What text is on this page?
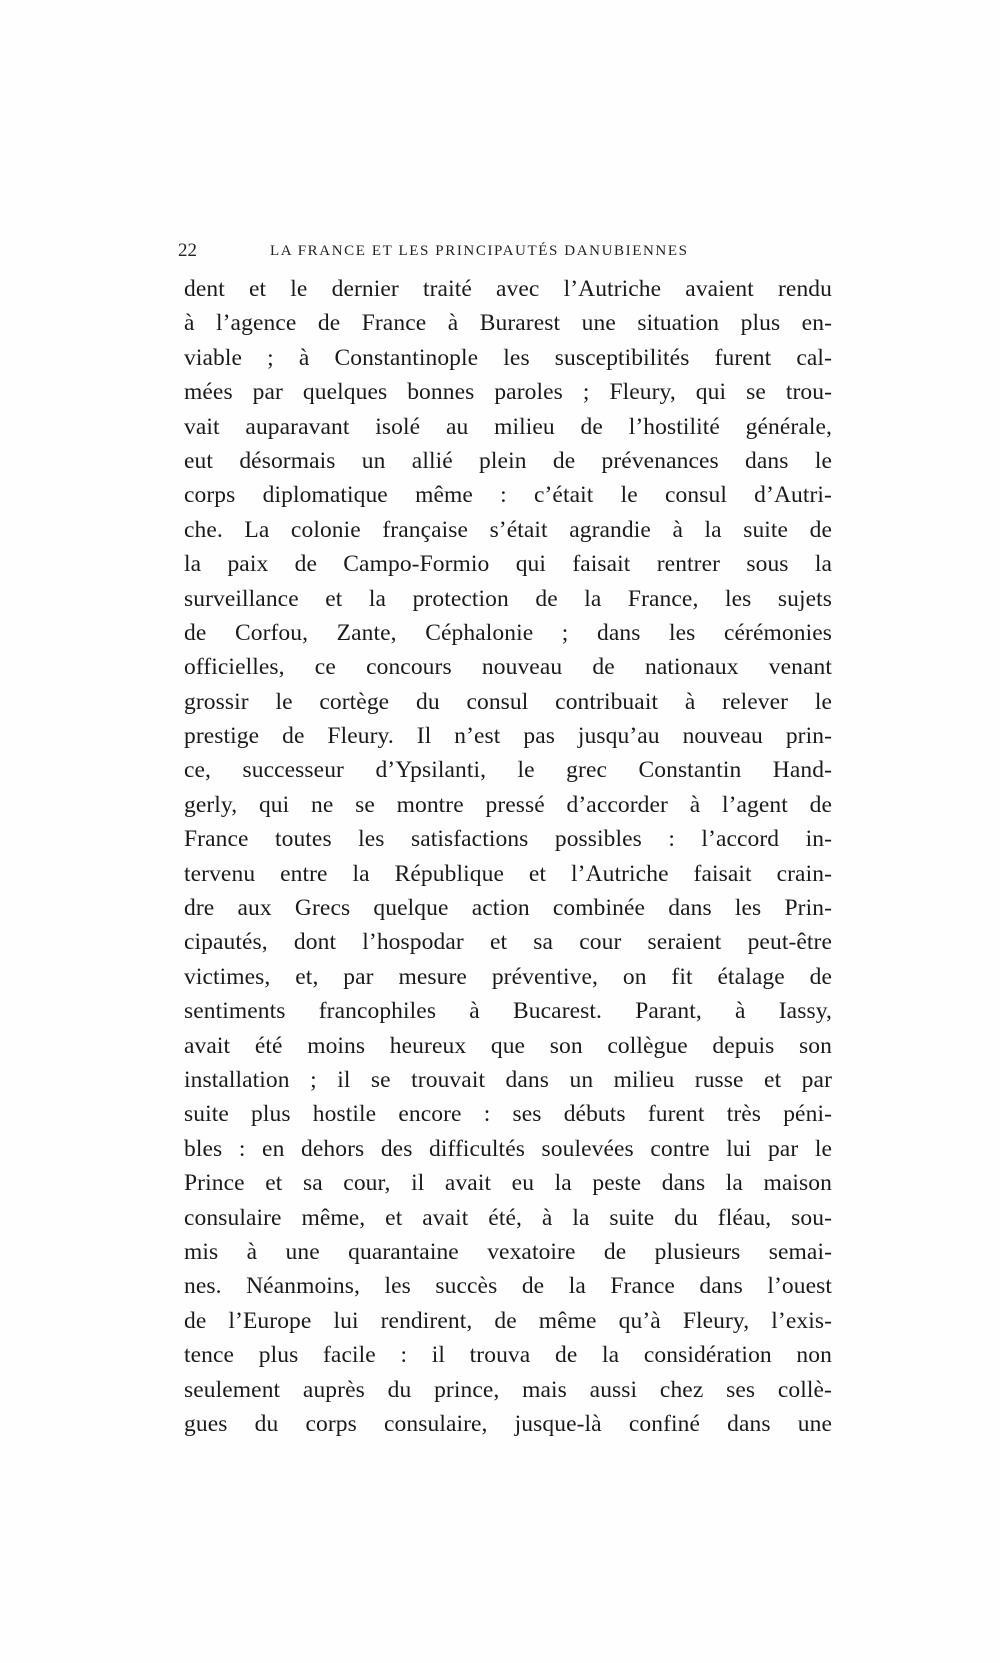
22	LA FRANCE ET LES PRINCIPAUTÉS DANUBIENNES
dent et le dernier traité avec l’Autriche avaient rendu
à l’agence de France à Burarest une situation plus en-
viable ; à Constantinople les susceptibilités furent cal-
mées par quelques bonnes paroles ; Fleury, qui se trou-
vait auparavant isolé au milieu de l’hostilité générale,
eut désormais un allié plein de prévenances dans le
corps diplomatique même : c’était le consul d’Autri-
che. La colonie française s’était agrandie à la suite de
la paix de Campo-Formio qui faisait rentrer sous la
surveillance et la protection de la France, les sujets
de Corfou, Zante, Céphalonie ; dans les cérémonies
officielles, ce concours nouveau de nationaux venant
grossir le cortège du consul contribuait à relever le
prestige de Fleury. Il n’est pas jusqu’au nouveau prin-
ce, successeur d’Ypsilanti, le grec Constantin Hand-
gerly, qui ne se montre pressé d’accorder à l’agent de
France toutes les satisfactions possibles : l’accord in-
tervenu entre la République et l’Autriche faisait crain-
dre aux Grecs quelque action combinée dans les Prin-
cipautés, dont l’hospodar et sa cour seraient peut-être
victimes, et, par mesure préventive, on fit étalage de
sentiments francophiles à Bucarest. Parant, à Iassy,
avait été moins heureux que son collègue depuis son
installation ; il se trouvait dans un milieu russe et par
suite plus hostile encore : ses débuts furent très péni-
bles : en dehors des difficultés soulevées contre lui par le
Prince et sa cour, il avait eu la peste dans la maison
consulaire même, et avait été, à la suite du fléau, sou-
mis à une quarantaine vexatoire de plusieurs semai-
nes. Néanmoins, les succès de la France dans l’ouest
de l’Europe lui rendirent, de même qu’à Fleury, l’exis-
tence plus facile : il trouva de la considération non
seulement auprès du prince, mais aussi chez ses collè-
gues du corps consulaire, jusque-là confiné dans une
